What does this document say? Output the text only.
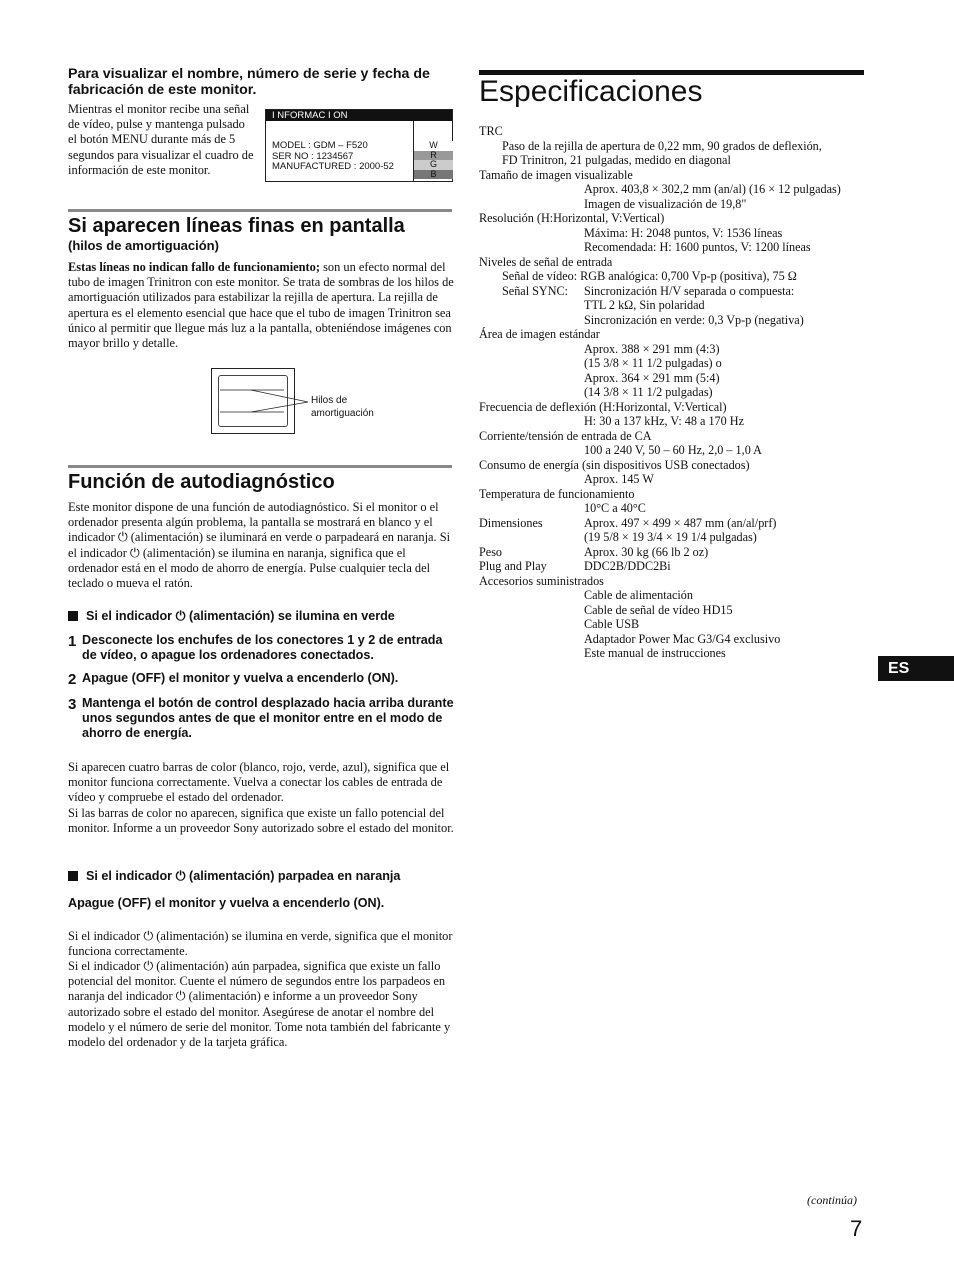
Para visualizar el nombre, número de serie y fecha de fabricación de este monitor.
Mientras el monitor recibe una señal de vídeo, pulse y mantenga pulsado el botón MENU durante más de 5 segundos para visualizar el cuadro de información de este monitor.
I NFORMAC I ON
MODEL : GDM – F520
SER NO : 1234567
MANUFACTURED : 2000-52
W
R
G
B
Si aparecen líneas finas en pantalla
(hilos de amortiguación)
Estas líneas no indican fallo de funcionamiento; son un efecto normal del tubo de imagen Trinitron con este monitor. Se trata de sombras de los hilos de amortiguación utilizados para estabilizar la rejilla de apertura. La rejilla de apertura es el elemento esencial que hace que el tubo de imagen Trinitron sea único al permitir que llegue más luz a la pantalla, obteniéndose imágenes con mayor brillo y detalle.
Hilos de amortiguación
Función de autodiagnóstico
Este monitor dispone de una función de autodiagnóstico. Si el monitor o el ordenador presenta algún problema, la pantalla se mostrará en blanco y el indicador ⏻ (alimentación) se iluminará en verde o parpadeará en naranja. Si el indicador ⏻ (alimentación) se ilumina en naranja, significa que el ordenador está en el modo de ahorro de energía. Pulse cualquier tecla del teclado o mueva el ratón.
Si el indicador ⏻ (alimentación) se ilumina en verde
1 Desconecte los enchufes de los conectores 1 y 2 de entrada de vídeo, o apague los ordenadores conectados.
2 Apague (OFF) el monitor y vuelva a encenderlo (ON).
3 Mantenga el botón de control desplazado hacia arriba durante unos segundos antes de que el monitor entre en el modo de ahorro de energía.
Si aparecen cuatro barras de color (blanco, rojo, verde, azul), significa que el monitor funciona correctamente. Vuelva a conectar los cables de entrada de vídeo y compruebe el estado del ordenador.
Si las barras de color no aparecen, significa que existe un fallo potencial del monitor. Informe a un proveedor Sony autorizado sobre el estado del monitor.
Si el indicador ⏻ (alimentación) parpadea en naranja
Apague (OFF) el monitor y vuelva a encenderlo (ON).
Si el indicador ⏻ (alimentación) se ilumina en verde, significa que el monitor funciona correctamente.
Si el indicador ⏻ (alimentación) aún parpadea, significa que existe un fallo potencial del monitor. Cuente el número de segundos entre los parpadeos en naranja del indicador ⏻ (alimentación) e informe a un proveedor Sony autorizado sobre el estado del monitor. Asegúrese de anotar el nombre del modelo y el número de serie del monitor. Tome nota también del fabricante y modelo del ordenador y de la tarjeta gráfica.
Especificaciones
TRC
Paso de la rejilla de apertura de 0,22 mm, 90 grados de deflexión,
FD Trinitron, 21 pulgadas, medido en diagonal
Tamaño de imagen visualizable
Aprox. 403,8 × 302,2 mm (an/al) (16 × 12 pulgadas)
Imagen de visualización de 19,8"
Resolución (H:Horizontal, V:Vertical)
Máxima: H: 2048 puntos, V: 1536 líneas
Recomendada: H: 1600 puntos, V: 1200 líneas
Niveles de señal de entrada
Señal de vídeo: RGB analógica: 0,700 Vp-p (positiva), 75 Ω
Señal SYNC: Sincronización H/V separada o compuesta:
TTL 2 kΩ, Sin polaridad
Sincronización en verde: 0,3 Vp-p (negativa)
Área de imagen estándar
Aprox. 388 × 291 mm (4:3)
(15 3/8 × 11 1/2 pulgadas) o
Aprox. 364 × 291 mm (5:4)
(14 3/8 × 11 1/2 pulgadas)
Frecuencia de deflexión (H:Horizontal, V:Vertical)
H: 30 a 137 kHz, V: 48 a 170 Hz
Corriente/tensión de entrada de CA
100 a 240 V, 50 – 60 Hz, 2,0 – 1,0 A
Consumo de energía (sin dispositivos USB conectados)
Aprox. 145 W
Temperatura de funcionamiento
10°C a 40°C
Dimensiones	Aprox. 497 × 499 × 487 mm (an/al/prf)
(19 5/8 × 19 3/4 × 19 1/4 pulgadas)
Peso	Aprox. 30 kg (66 lb 2 oz)
Plug and Play	DDC2B/DDC2Bi
Accesorios suministrados
Cable de alimentación
Cable de señal de vídeo HD15
Cable USB
Adaptador Power Mac G3/G4 exclusivo
Este manual de instrucciones
ES
(continúa)
7
